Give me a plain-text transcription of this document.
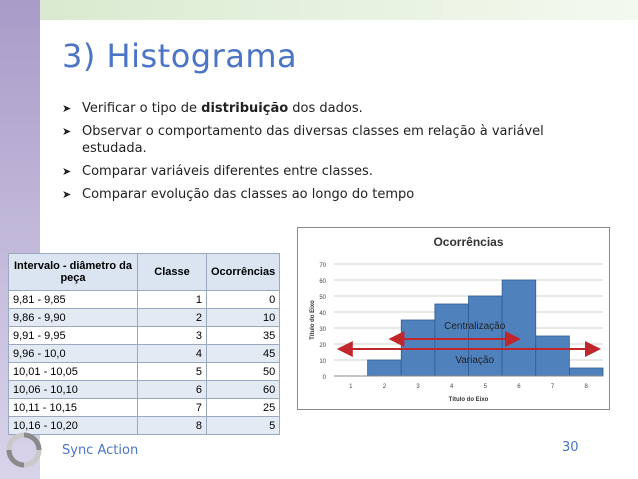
3) Histograma
➤ Verificar o tipo de distribuição dos dados.
➤ Observar o comportamento das diversas classes em relação à variável estudada.
➤ Comparar variáveis diferentes entre classes.
➤ Comparar evolução das classes ao longo do tempo
Intervalo - diâmetro da peça	Classe	Ocorrências
9,81 - 9,85	1	0
9,86 - 9,90	2	10
9,91 - 9,95	3	35
9,96 - 10,0	4	45
10,01 - 10,05	5	50
10,06 - 10,10	6	60
10,11 - 10,15	7	25
10,16 - 10,20	8	5
Ocorrências
0
10
20
30
40
50
60
70
1	2	3	4	5	6	7	8
Título do Eixo
Título do Eixo	Centralização
Variação
Sync Action	30
